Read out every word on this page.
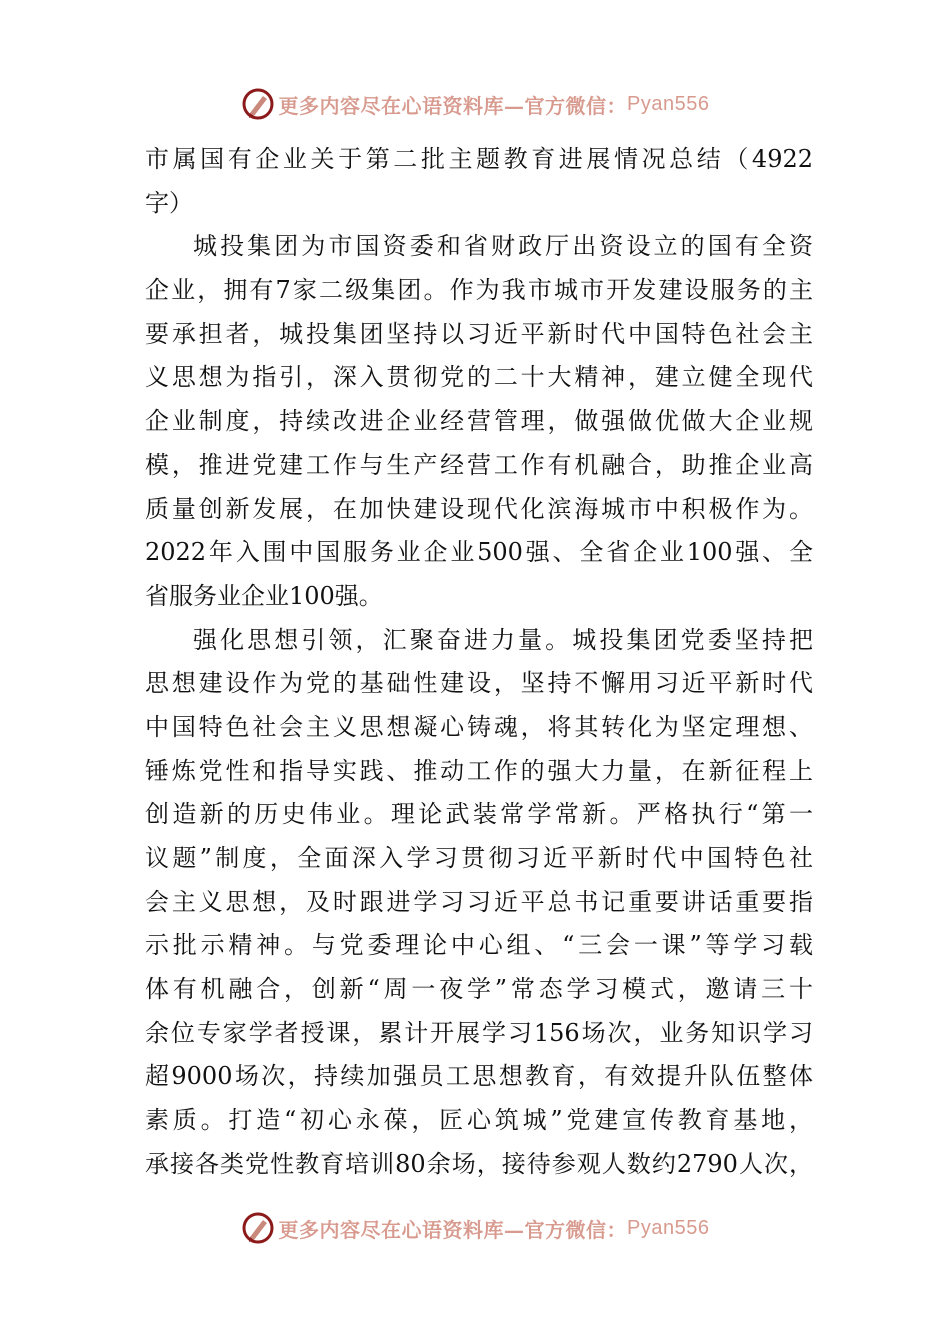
更多内容尽在心语资料库—官方微信： Pyan556
市属国有企业关于第二批主题教育进展情况总结（4922
字）
城投集团为市国资委和省财政厅出资设立的国有全资
企业，拥有7家二级集团。作为我市城市开发建设服务的主
要承担者，城投集团坚持以习近平新时代中国特色社会主
义思想为指引，深入贯彻党的二十大精神，建立健全现代
企业制度，持续改进企业经营管理，做强做优做大企业规
模，推进党建工作与生产经营工作有机融合，助推企业高
质量创新发展，在加快建设现代化滨海城市中积极作为。
2022年入围中国服务业企业500强、全省企业100强、全
省服务业企业100强。
强化思想引领，汇聚奋进力量。城投集团党委坚持把
思想建设作为党的基础性建设，坚持不懈用习近平新时代
中国特色社会主义思想凝心铸魂，将其转化为坚定理想、
锤炼党性和指导实践、推动工作的强大力量，在新征程上
创造新的历史伟业。理论武装常学常新。严格执行“第一
议题”制度，全面深入学习贯彻习近平新时代中国特色社
会主义思想，及时跟进学习习近平总书记重要讲话重要指
示批示精神。与党委理论中心组、“三会一课”等学习载
体有机融合，创新“周一夜学”常态学习模式，邀请三十
余位专家学者授课，累计开展学习156场次，业务知识学习
超9000场次，持续加强员工思想教育，有效提升队伍整体
素质。打造“初心永葆，匠心筑城”党建宣传教育基地，
承接各类党性教育培训80余场，接待参观人数约2790人次，
更多内容尽在心语资料库—官方微信： Pyan556
